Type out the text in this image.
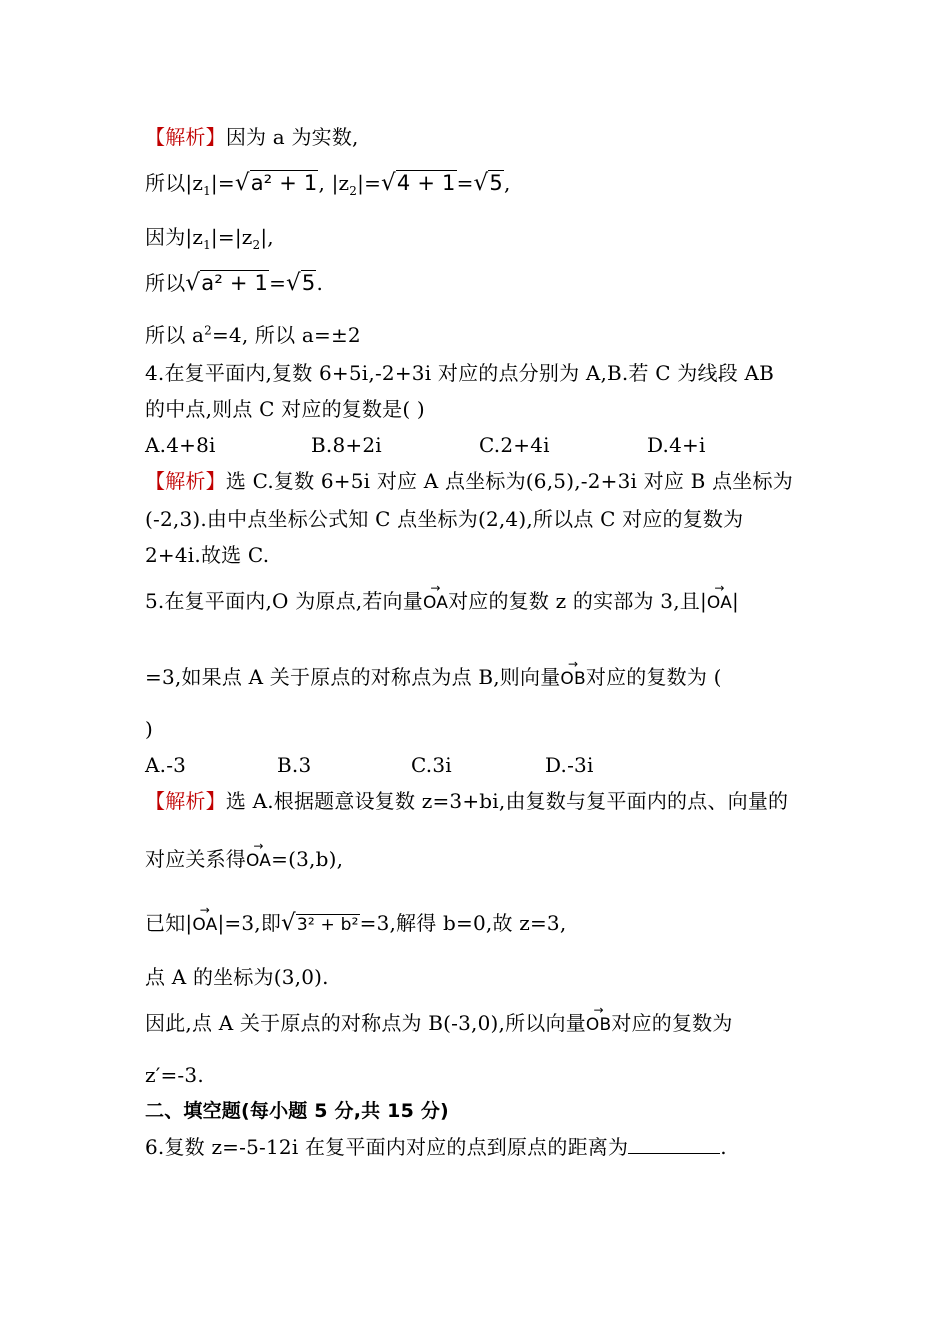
【解析】因为 a 为实数,
所以$|z_1|=√a^2 + 1$, $|z_2|=√4 + 1=√5$,
因为$|z_1|=|z_2|$,
所以√a² + 1=√5.
所以 $a^2=4$, 所以 a=±2
4.在复平面内,复数 6+5i,-2+3i 对应的点分别为 A,B.若 C 为线段 AB
的中点,则点 C 对应的复数是( )
A.4+8i	B.8+2i	C.2+4i	D.4+i
【解析】选 C.复数 6+5i 对应 A 点坐标为(6,5),-2+3i 对应 B 点坐标为
(-2,3).由中点坐标公式知 C 点坐标为(2,4),所以点 C 对应的复数为
2+4i.故选 C.
5.在复平面内,O 为原点,若向量
→
OA对应的复数 z 的实部为 3,且|
→
OA|
=3,如果点 A 关于原点的对称点为点 B,则向量
→
OB对应的复数为 (
)
A.-3	B.3	C.3i	D.-3i
【解析】选 A.根据题意设复数 z=3+bi,由复数与复平面内的点、向量的
对应关系得
→
OA=(3,b),
已知|
→
OA|=3,即√3² + b²=3,解得 b=0,故 z=3,
点 A 的坐标为(3,0).
因此,点 A 关于原点的对称点为 B(-3,0),所以向量
→
OB对应的复数为
z′=-3.
二、填空题(每小题 5 分,共 15 分)
6.复数 z=-5-12i 在复平面内对应的点到原点的距离为	.
